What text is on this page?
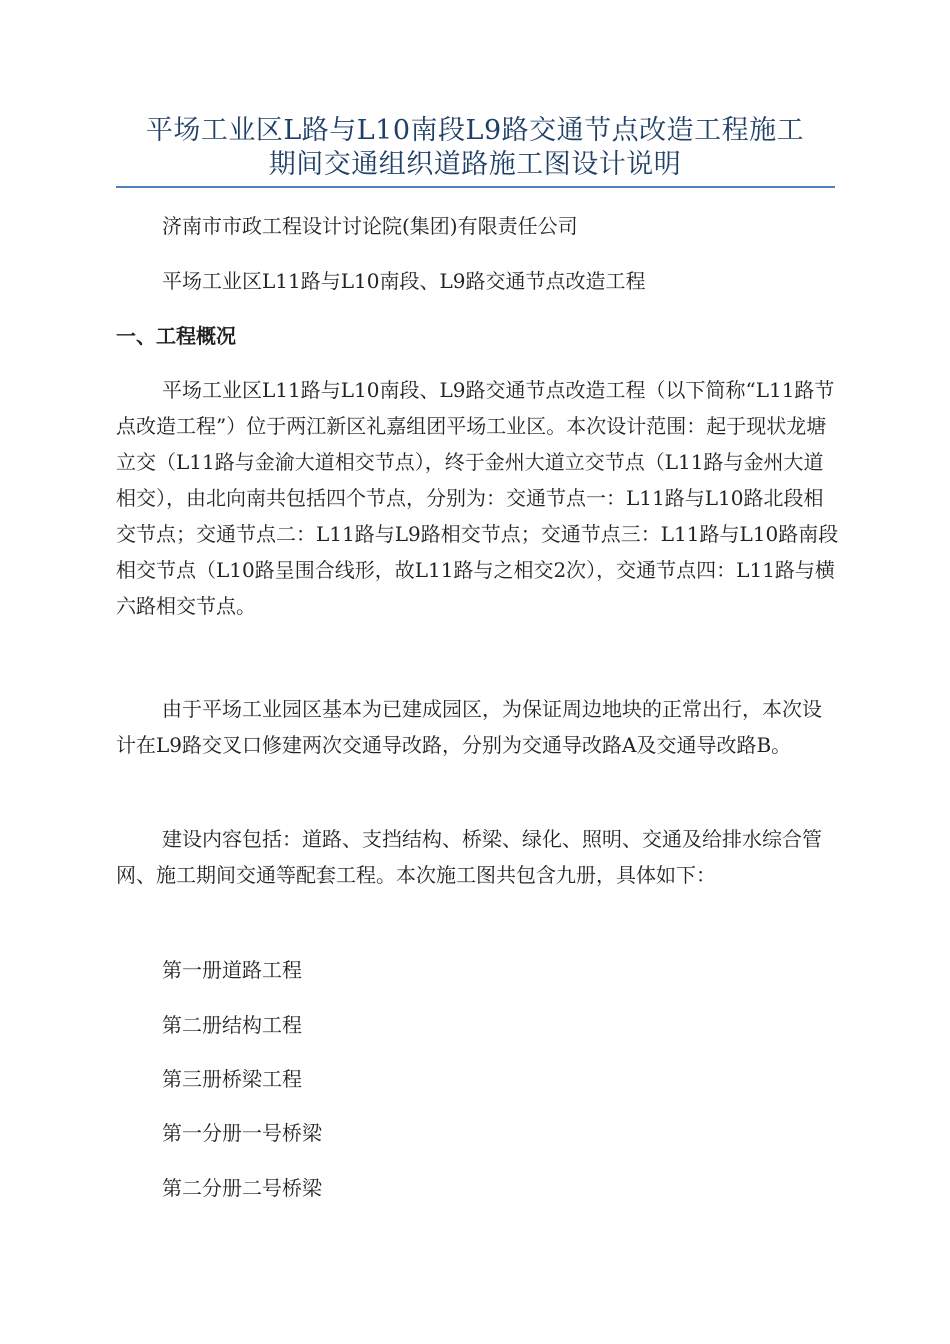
平场工业区L路与L10南段L9路交通节点改造工程施工
期间交通组织道路施工图设计说明
济南市市政工程设计讨论院(集团)有限责任公司
平场工业区L11路与L10南段、L9路交通节点改造工程
一、工程概况
平场工业区L11路与L10南段、L9路交通节点改造工程（以下简称“L11路节点改造工程”）位于两江新区礼嘉组团平场工业区。本次设计范围：起于现状龙塘立交（L11路与金渝大道相交节点），终于金州大道立交节点（L11路与金州大道相交），由北向南共包括四个节点，分别为：交通节点一：L11路与L10路北段相交节点；交通节点二：L11路与L9路相交节点；交通节点三：L11路与L10路南段相交节点（L10路呈围合线形，故L11路与之相交2次），交通节点四：L11路与横六路相交节点。
由于平场工业园区基本为已建成园区，为保证周边地块的正常出行，本次设计在L9路交叉口修建两次交通导改路，分别为交通导改路A及交通导改路B。
建设内容包括：道路、支挡结构、桥梁、绿化、照明、交通及给排水综合管网、施工期间交通等配套工程。本次施工图共包含九册，具体如下：
第一册道路工程
第二册结构工程
第三册桥梁工程
第一分册一号桥梁
第二分册二号桥梁
